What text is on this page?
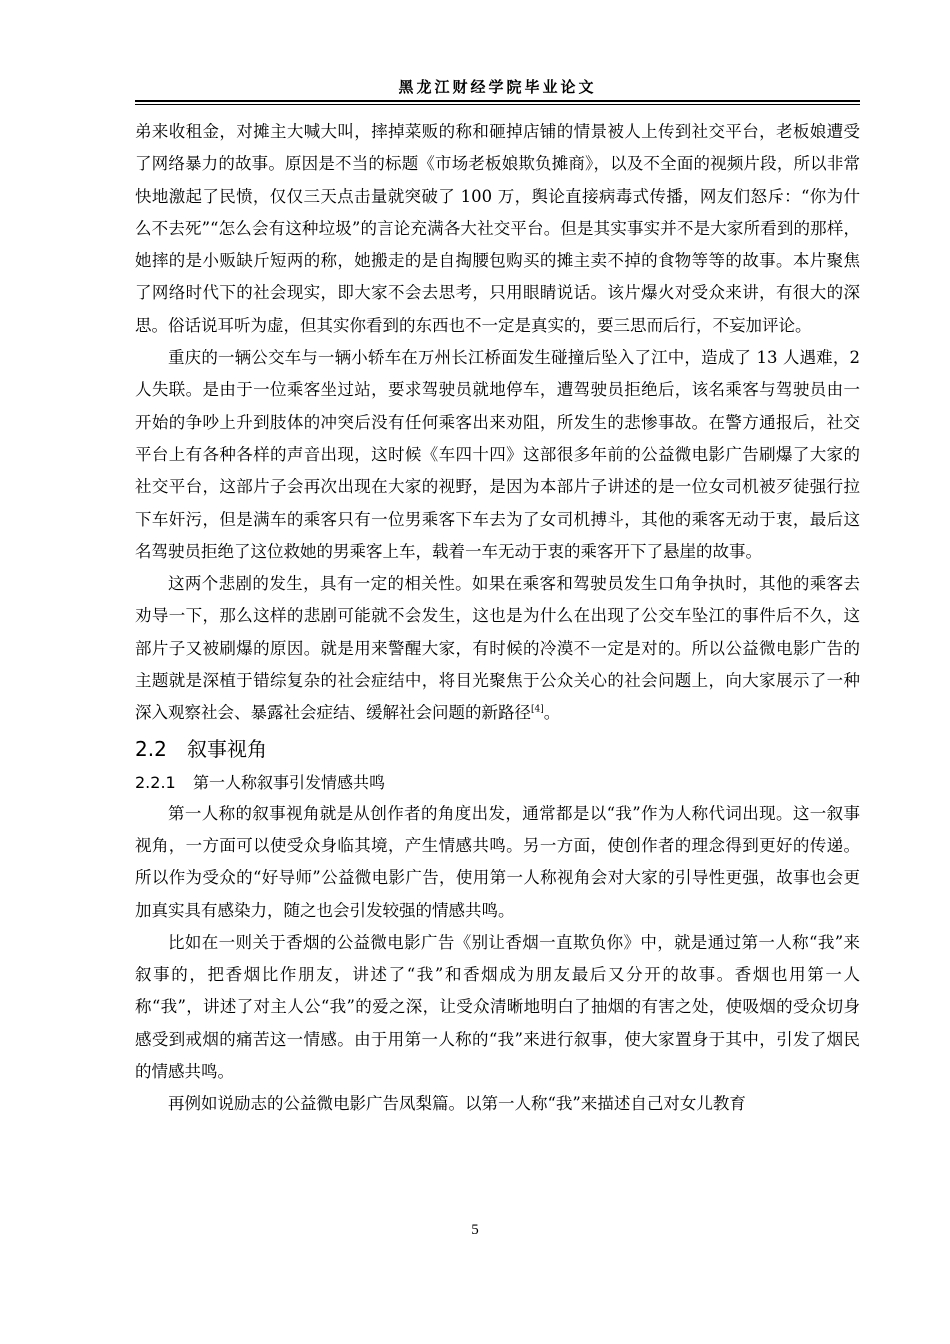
黑龙江财经学院毕业论文

弟来收租金，对摊主大喊大叫，摔掉菜贩的称和砸掉店铺的情景被人上传到社交平台，老板娘遭受了网络暴力的故事。原因是不当的标题《市场老板娘欺负摊商》，以及不全面的视频片段，所以非常快地激起了民愤，仅仅三天点击量就突破了 100 万，舆论直接病毒式传播，网友们怒斥：“你为什么不去死”“怎么会有这种垃圾”的言论充满各大社交平台。但是其实事实并不是大家所看到的那样，她摔的是小贩缺斤短两的称，她搬走的是自掏腰包购买的摊主卖不掉的食物等等的故事。本片聚焦了网络时代下的社会现实，即大家不会去思考，只用眼睛说话。该片爆火对受众来讲，有很大的深思。俗话说耳听为虚，但其实你看到的东西也不一定是真实的，要三思而后行，不妄加评论。

重庆的一辆公交车与一辆小轿车在万州长江桥面发生碰撞后坠入了江中，造成了 13 人遇难，2 人失联。是由于一位乘客坐过站，要求驾驶员就地停车，遭驾驶员拒绝后，该名乘客与驾驶员由一开始的争吵上升到肢体的冲突后没有任何乘客出来劝阻，所发生的悲惨事故。在警方通报后，社交平台上有各种各样的声音出现，这时候《车四十四》这部很多年前的公益微电影广告刷爆了大家的社交平台，这部片子会再次出现在大家的视野，是因为本部片子讲述的是一位女司机被歹徒强行拉下车奸污，但是满车的乘客只有一位男乘客下车去为了女司机搏斗，其他的乘客无动于衷，最后这名驾驶员拒绝了这位救她的男乘客上车，载着一车无动于衷的乘客开下了悬崖的故事。

这两个悲剧的发生，具有一定的相关性。如果在乘客和驾驶员发生口角争执时，其他的乘客去劝导一下，那么这样的悲剧可能就不会发生，这也是为什么在出现了公交车坠江的事件后不久，这部片子又被刷爆的原因。就是用来警醒大家，有时候的冷漠不一定是对的。所以公益微电影广告的主题就是深植于错综复杂的社会症结中，将目光聚焦于公众关心的社会问题上，向大家展示了一种深入观察社会、暴露社会症结、缓解社会问题的新路径[4]。

2.2 叙事视角
2.2.1 第一人称叙事引发情感共鸣

第一人称的叙事视角就是从创作者的角度出发，通常都是以“我”作为人称代词出现。这一叙事视角，一方面可以使受众身临其境，产生情感共鸣。另一方面，使创作者的理念得到更好的传递。所以作为受众的“好导师”公益微电影广告，使用第一人称视角会对大家的引导性更强，故事也会更加真实具有感染力，随之也会引发较强的情感共鸣。

比如在一则关于香烟的公益微电影广告《别让香烟一直欺负你》中，就是通过第一人称“我”来叙事的，把香烟比作朋友，讲述了“我”和香烟成为朋友最后又分开的故事。香烟也用第一人称“我”，讲述了对主人公“我”的爱之深，让受众清晰地明白了抽烟的有害之处，使吸烟的受众切身感受到戒烟的痛苦这一情感。由于用第一人称的“我”来进行叙事，使大家置身于其中，引发了烟民的情感共鸣。

再例如说励志的公益微电影广告凤梨篇。以第一人称“我”来描述自己对女儿教育

5
